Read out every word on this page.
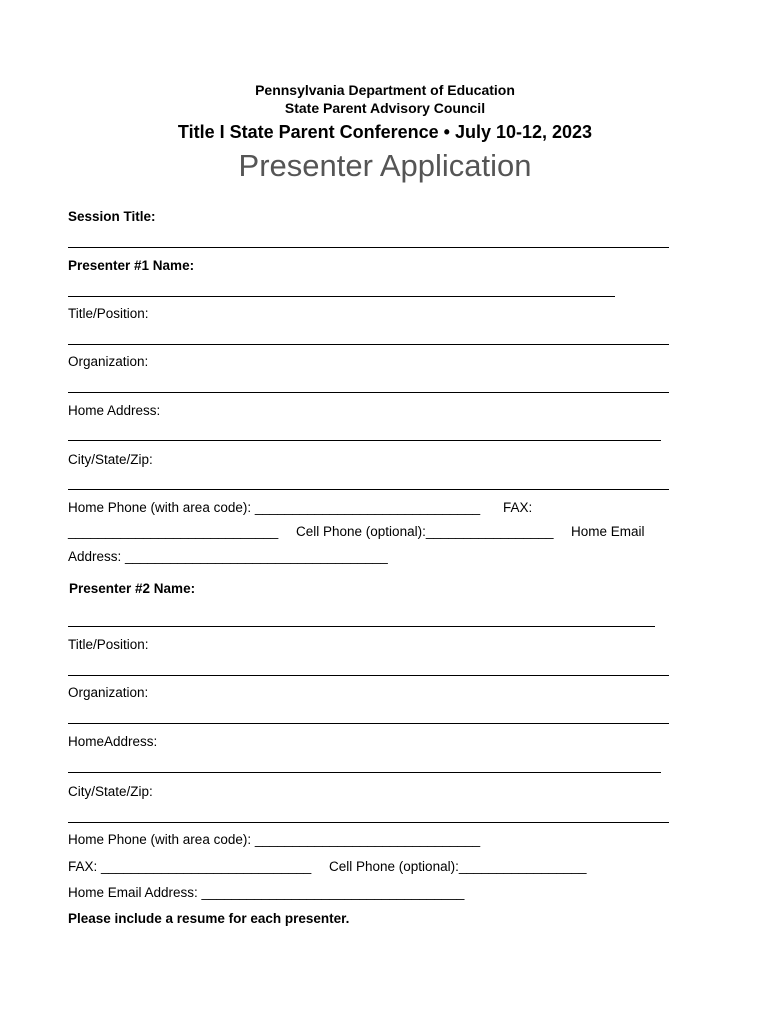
Pennsylvania Department of Education
State Parent Advisory Council
Title I State Parent Conference • July 10-12, 2023
Presenter Application
Session Title:
Presenter #1 Name:
Title/Position:
Organization:
Home Address:
City/State/Zip:
Home Phone (with area code): ______________________________ FAX:
____________________________ Cell Phone (optional):_________________ Home Email
Address: ___________________________________
Presenter #2 Name:
Title/Position:
Organization:
HomeAddress:
City/State/Zip:
Home Phone (with area code): ______________________________
FAX: ____________________________ Cell Phone (optional):_________________
Home Email Address: ___________________________________
Please include a resume for each presenter.
